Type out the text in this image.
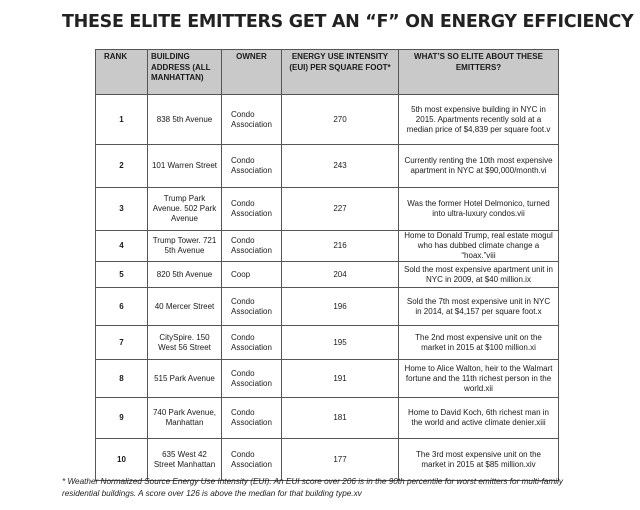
THESE ELITE EMITTERS GET AN “F” ON ENERGY EFFICIENCY
RANK	BUILDING ADDRESS (ALL MANHATTAN)	OWNER	ENERGY USE INTENSITY (EUI) PER SQUARE FOOT*	WHAT’S SO ELITE ABOUT THESE EMITTERS?
1	838 5th Avenue	Condo Association	270	5th most expensive building in NYC in 2015. Apartments recently sold at a median price of $4,839 per square foot.v
2	101 Warren Street	Condo Association	243	Currently renting the 10th most expensive apartment in NYC at $90,000/month.vi
3	Trump Park Avenue. 502 Park Avenue	Condo Association	227	Was the former Hotel Delmonico, turned into ultra-luxury condos.vii
4	Trump Tower. 721 5th Avenue	Condo Association	216	Home to Donald Trump, real estate mogul who has dubbed climate change a “hoax.”viii
5	820 5th Avenue	Coop	204	Sold the most expensive apartment unit in NYC in 2009, at $40 million.ix
6	40 Mercer Street	Condo Association	196	Sold the 7th most expensive unit in NYC in 2014, at $4,157 per square foot.x
7	CitySpire. 150 West 56 Street	Condo Association	195	The 2nd most expensive unit on the market in 2015 at $100 million.xi
8	515 Park Avenue	Condo Association	191	Home to Alice Walton, heir to the Walmart fortune and the 11th richest person in the world.xii
9	740 Park Avenue, Manhattan	Condo Association	181	Home to David Koch, 6th richest man in the world and active climate denier.xiii
10	635 West 42 Street Manhattan	Condo Association	177	The 3rd most expensive unit on the market in 2015 at $85 million.xiv
* Weather Normalized Source Energy Use Intensity (EUI). An EUI score over 206 is in the 90th percentile for worst emitters for multi-family residential buildings. A score over 126 is above the median for that building type.xv
